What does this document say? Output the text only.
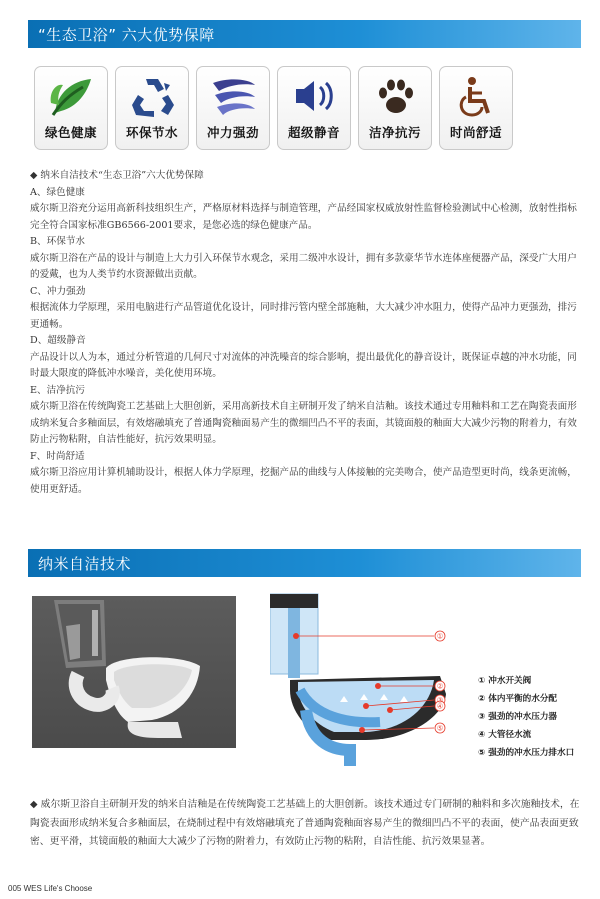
“生态卫浴” 六大优势保障
绿色健康	环保节水	冲力强劲	超级静音	洁净抗污	时尚舒适

◆ 纳米自洁技术“生态卫浴”六大优势保障

A、绿色健康

威尔斯卫浴充分运用高新科技组织生产，严格原材料选择与制造管理，产品经国家权威放射性监督检验测试中心检测，放射性指标完全符合国家标准GB6566-2001要求，是您必选的绿色健康产品。

B、环保节水

威尔斯卫浴在产品的设计与制造上大力引入环保节水观念，采用二级冲水设计，拥有多款豪华节水连体座便器产品，深受广大用户的爱戴，也为人类节约水资源做出贡献。

C、冲力强劲

根据流体力学原理，采用电脑进行产品管道优化设计，同时排污管内壁全部施釉，大大减少冲水阻力，使得产品冲力更强劲，排污更通畅。

D、超级静音

产品设计以人为本，通过分析管道的几何尺寸对流体的冲洗噪音的综合影响，提出最优化的静音设计，既保证卓越的冲水功能，同时最大限度的降低冲水噪音，美化使用环境。

E、洁净抗污

威尔斯卫浴在传统陶瓷工艺基础上大胆创新，采用高新技术自主研制开发了纳米自洁釉。该技术通过专用釉料和工艺在陶瓷表面形成纳米复合多釉面层，有效熔融填充了普通陶瓷釉面易产生的微细凹凸不平的表面，其镜面般的釉面大大减少污物的附着力，有效防止污物粘附，自洁性能好，抗污效果明显。

F、时尚舒适

威尔斯卫浴应用计算机辅助设计，根据人体力学原理，挖掘产品的曲线与人体接触的完美吻合，使产品造型更时尚，线条更流畅，使用更舒适。

纳米自洁技术
①
②
③
④
⑤
① 冲水开关阀
② 体内平衡的水分配
③ 强劲的冲水压力器
④ 大管径水流
⑤ 强劲的冲水压力排水口

◆ 威尔斯卫浴自主研制开发的纳米自洁釉是在传统陶瓷工艺基础上的大胆创新。该技术通过专门研制的釉料和多次施釉技术，在陶瓷表面形成纳米复合多釉面层，在烧制过程中有效熔融填充了普通陶瓷釉面容易产生的微细凹凸不平的表面，使产品表面更致密、更平滑，其镜面般的釉面大大减少了污物的附着力，有效防止污物的粘附，自洁性能、抗污效果显著。

005 WES Life's Choose
